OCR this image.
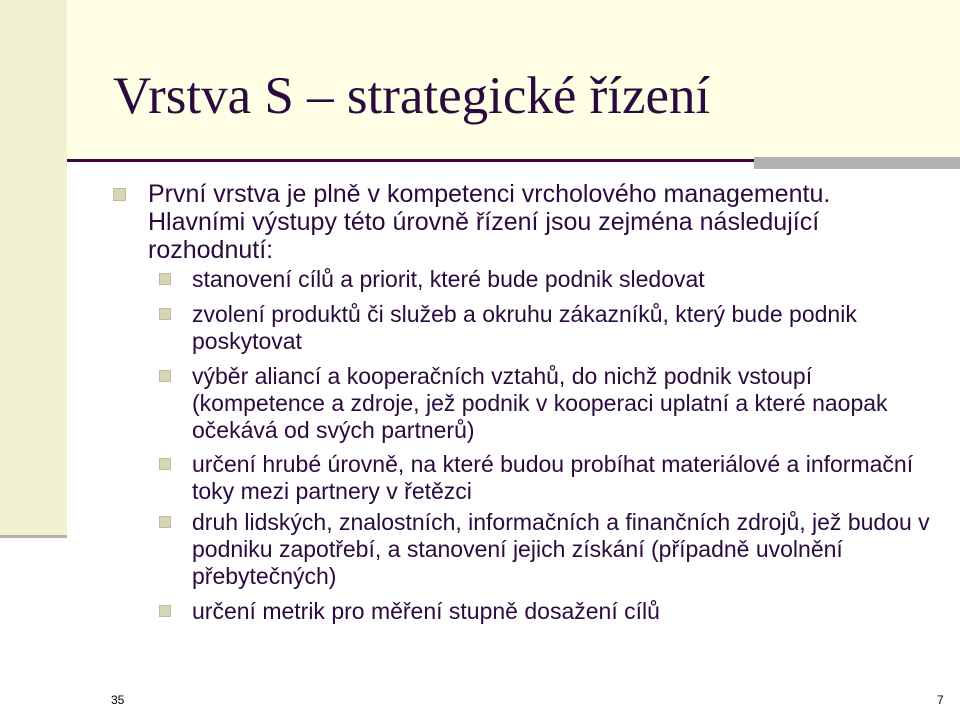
Vrstva S – strategické řízení
První vrstva je plně v kompetenci vrcholového managementu. Hlavními výstupy této úrovně řízení jsou zejména následující rozhodnutí:
stanovení cílů a priorit, které bude podnik sledovat
zvolení produktů či služeb a okruhu zákazníků, který bude podnik poskytovat
výběr aliancí a kooperačních vztahů, do nichž podnik vstoupí (kompetence a zdroje, jež podnik v kooperaci uplatní a které naopak očekává od svých partnerů)
určení hrubé úrovně, na které budou probíhat materiálové a informační toky mezi partnery v řetězci
druh lidských, znalostních, informačních a finančních zdrojů, jež budou v podniku zapotřebí, a stanovení jejich získání (případně uvolnění přebytečných)
určení metrik pro měření stupně dosažení cílů
35	7
